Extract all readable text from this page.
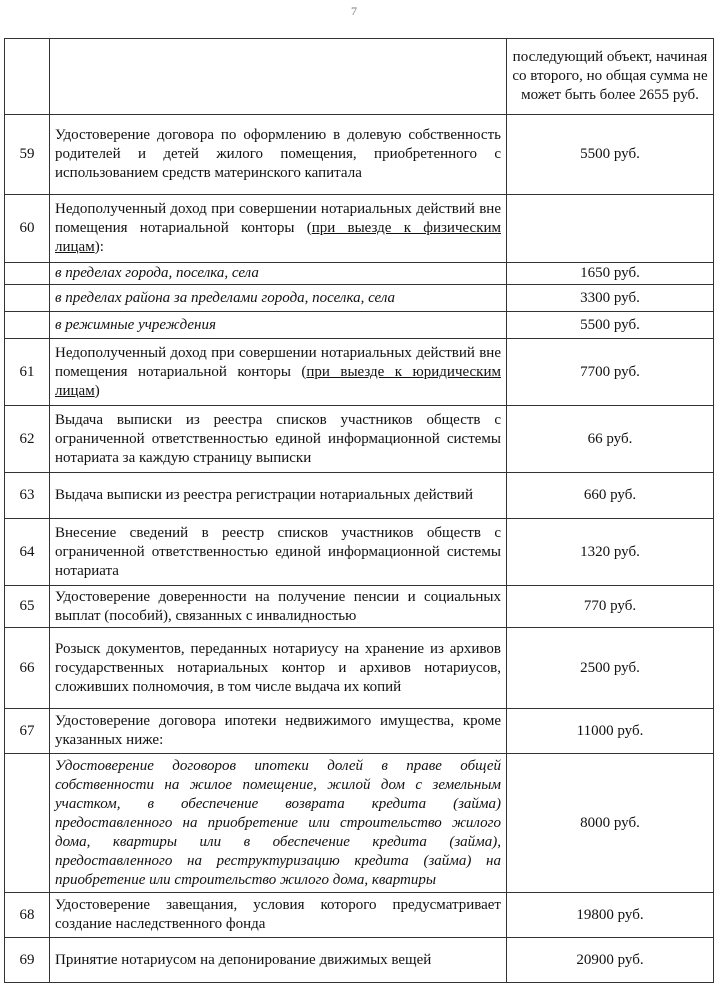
7
		последующий объект, начиная со второго, но общая сумма не может быть более 2655 руб.
59	Удостоверение договора по оформлению в долевую собственность родителей и детей жилого помещения, приобретенного с использованием средств материнского капитала	5500 руб.
60	Недополученный доход при совершении нотариальных действий вне помещения нотариальной конторы (при выезде к физическим лицам):	
	в пределах города, поселка, села	1650 руб.
	в пределах района за пределами города, поселка, села	3300 руб.
	в режимные учреждения	5500 руб.
61	Недополученный доход при совершении нотариальных действий вне помещения нотариальной конторы (при выезде к юридическим лицам)	7700 руб.
62	Выдача выписки из реестра списков участников обществ с ограниченной ответственностью единой информационной системы нотариата за каждую страницу выписки	66 руб.
63	Выдача выписки из реестра регистрации нотариальных действий	660 руб.
64	Внесение сведений в реестр списков участников обществ с ограниченной ответственностью единой информационной системы нотариата	1320 руб.
65	Удостоверение доверенности на получение пенсии и социальных выплат (пособий), связанных с инвалидностью	770 руб.
66	Розыск документов, переданных нотариусу на хранение из архивов государственных нотариальных контор и архивов нотариусов, сложивших полномочия, в том числе выдача их копий	2500 руб.
67	Удостоверение договора ипотеки недвижимого имущества, кроме указанных ниже:	11000 руб.
	Удостоверение договоров ипотеки долей в праве общей собственности на жилое помещение, жилой дом с земельным участком, в обеспечение возврата кредита (займа) предоставленного на приобретение или строительство жилого дома, квартиры или в обеспечение кредита (займа), предоставленного на реструктуризацию кредита (займа) на приобретение или строительство жилого дома, квартиры	8000 руб.
68	Удостоверение завещания, условия которого предусматривает создание наследственного фонда	19800 руб.
69	Принятие нотариусом на депонирование движимых вещей	20900 руб.
